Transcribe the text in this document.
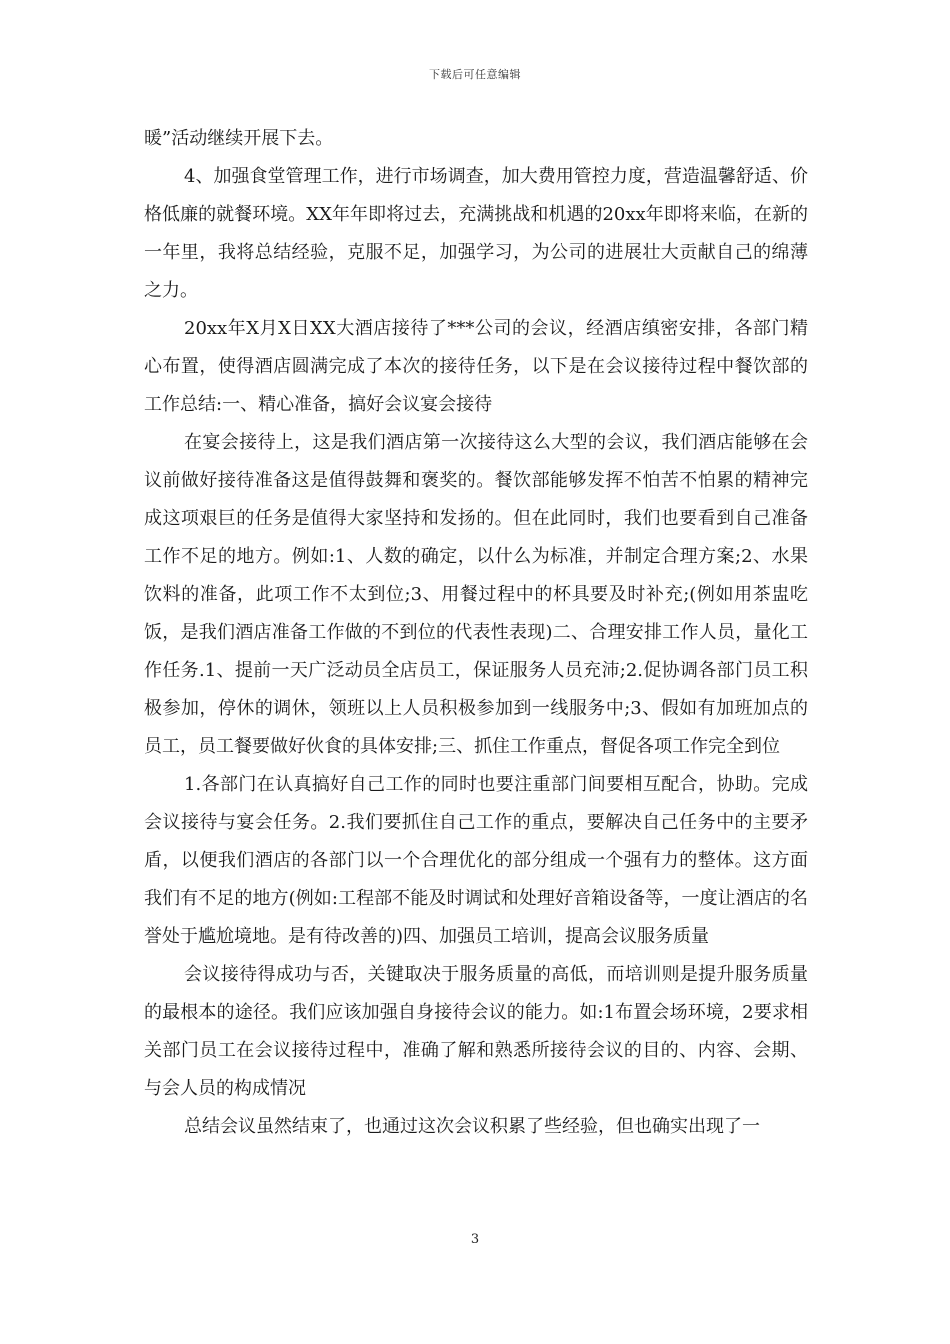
下载后可任意编辑

暖”活动继续开展下去。

4、加强食堂管理工作，进行市场调查，加大费用管控力度，营造温馨舒适、价格低廉的就餐环境。XX年年即将过去，充满挑战和机遇的20xx年即将来临，在新的一年里，我将总结经验，克服不足，加强学习，为公司的进展壮大贡献自己的绵薄之力。

20xx年X月X日XX大酒店接待了***公司的会议，经酒店缜密安排，各部门精心布置，使得酒店圆满完成了本次的接待任务，以下是在会议接待过程中餐饮部的工作总结:一、精心准备，搞好会议宴会接待

在宴会接待上，这是我们酒店第一次接待这么大型的会议，我们酒店能够在会议前做好接待准备这是值得鼓舞和褒奖的。餐饮部能够发挥不怕苦不怕累的精神完成这项艰巨的任务是值得大家坚持和发扬的。但在此同时，我们也要看到自己准备工作不足的地方。例如:1、人数的确定，以什么为标准，并制定合理方案;2、水果饮料的准备，此项工作不太到位;3、用餐过程中的杯具要及时补充;(例如用茶盅吃饭，是我们酒店准备工作做的不到位的代表性表现)二、合理安排工作人员，量化工作任务.1、提前一天广泛动员全店员工，保证服务人员充沛;2.促协调各部门员工积极参加，停休的调休，领班以上人员积极参加到一线服务中;3、假如有加班加点的员工，员工餐要做好伙食的具体安排;三、抓住工作重点，督促各项工作完全到位

1.各部门在认真搞好自己工作的同时也要注重部门间要相互配合，协助。完成会议接待与宴会任务。2.我们要抓住自己工作的重点，要解决自己任务中的主要矛盾，以便我们酒店的各部门以一个合理优化的部分组成一个强有力的整体。这方面我们有不足的地方(例如:工程部不能及时调试和处理好音箱设备等，一度让酒店的名誉处于尴尬境地。是有待改善的)四、加强员工培训，提高会议服务质量

会议接待得成功与否，关键取决于服务质量的高低，而培训则是提升服务质量的最根本的途径。我们应该加强自身接待会议的能力。如:1布置会场环境，2要求相关部门员工在会议接待过程中，准确了解和熟悉所接待会议的目的、内容、会期、与会人员的构成情况

总结会议虽然结束了，也通过这次会议积累了些经验，但也确实出现了一

3
